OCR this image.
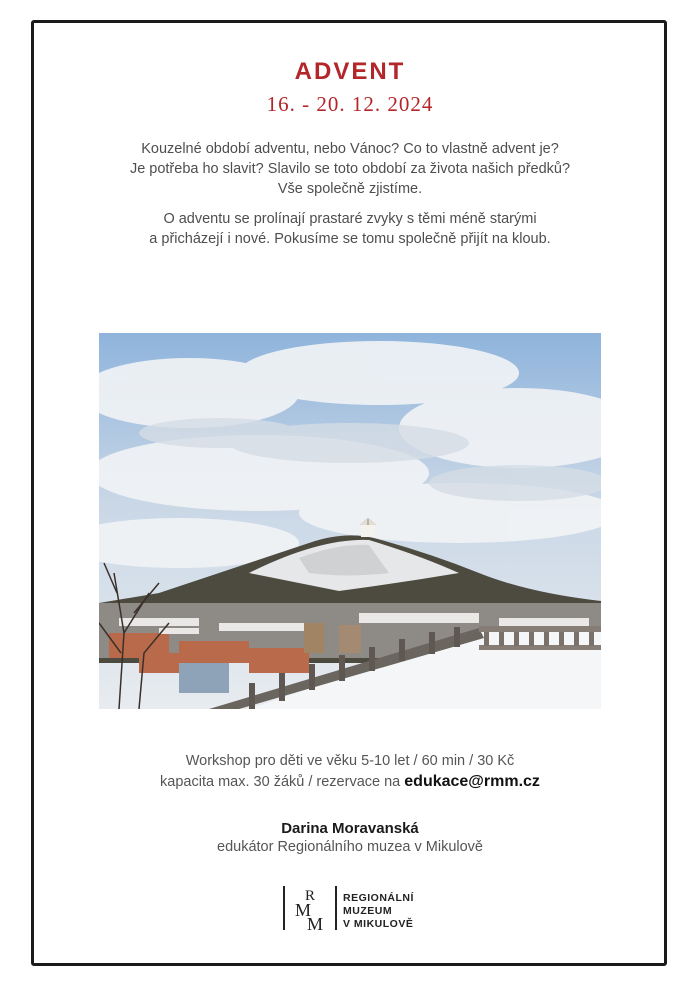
ADVENT
16. - 20. 12. 2024
Kouzelné období adventu, nebo Vánoc? Co to vlastně advent je?
Je potřeba ho slavit? Slavilo se toto období za života našich předků?
Vše společně zjistíme.
O adventu se prolínají prastaré zvyky s těmi méně starými
a přicházejí i nové. Pokusíme se tomu společně přijít na kloub.
Workshop pro děti ve věku 5-10 let / 60 min / 30 Kč
kapacita max. 30 žáků / rezervace na edukace@rmm.cz
Darina Moravanská
edukátor Regionálního muzea v Mikulově
R
M
M
REGIONÁLNÍ
MUZEUM
V MIKULOVĚ
